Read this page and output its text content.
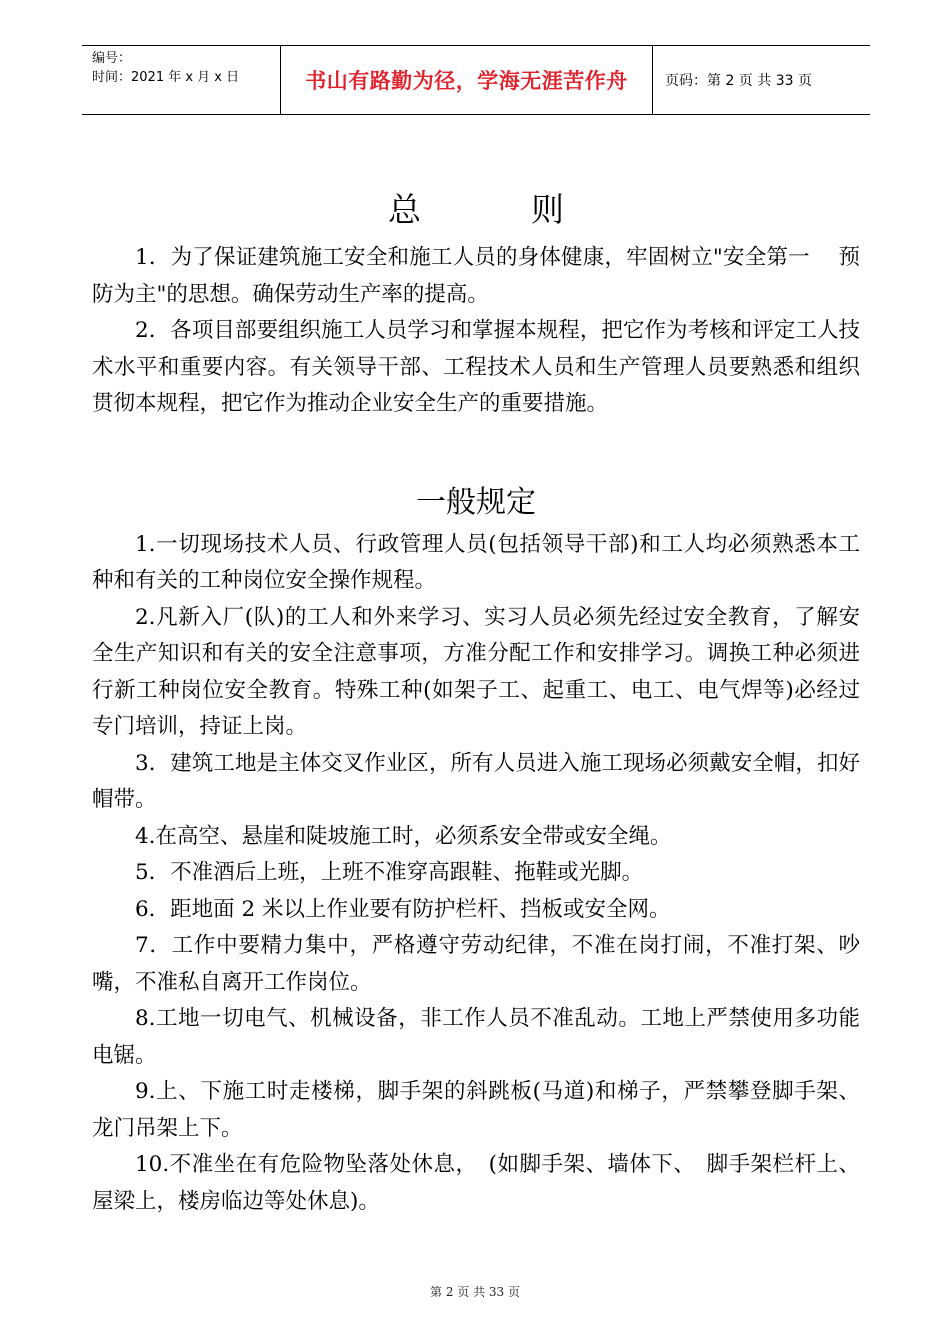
编号：
时间：2021 年 x 月 x 日	书山有路勤为径，学海无涯苦作舟	页码：第 2 页 共 33 页
总	则

1．为了保证建筑施工安全和施工人员的身体健康，牢固树立"安全第一　 预防为主"的思想。确保劳动生产率的提高。

2．各项目部要组织施工人员学习和掌握本规程，把它作为考核和评定工人技术水平和重要内容。有关领导干部、工程技术人员和生产管理人员要熟悉和组织贯彻本规程，把它作为推动企业安全生产的重要措施。

一般规定

1.一切现场技术人员、行政管理人员(包括领导干部)和工人均必须熟悉本工种和有关的工种岗位安全操作规程。

2.凡新入厂(队)的工人和外来学习、实习人员必须先经过安全教育，了解安全生产知识和有关的安全注意事项，方准分配工作和安排学习。调换工种必须进行新工种岗位安全教育。特殊工种(如架子工、起重工、电工、电气焊等)必经过专门培训，持证上岗。

3．建筑工地是主体交叉作业区，所有人员进入施工现场必须戴安全帽，扣好帽带。

4.在高空、悬崖和陡坡施工时，必须系安全带或安全绳。

5．不准酒后上班，上班不准穿高跟鞋、拖鞋或光脚。

6．距地面 2 米以上作业要有防护栏杆、挡板或安全网。

7．工作中要精力集中，严格遵守劳动纪律，不准在岗打闹，不准打架、吵嘴，不准私自离开工作岗位。

8.工地一切电气、机械设备，非工作人员不准乱动。工地上严禁使用多功能电锯。

9.上、下施工时走楼梯，脚手架的斜跳板(马道)和梯子，严禁攀登脚手架、龙门吊架上下。

10.不准坐在有危险物坠落处休息，　(如脚手架、墙体下、　脚手架栏杆上、屋梁上，楼房临边等处休息)。

第 2 页 共 33 页
